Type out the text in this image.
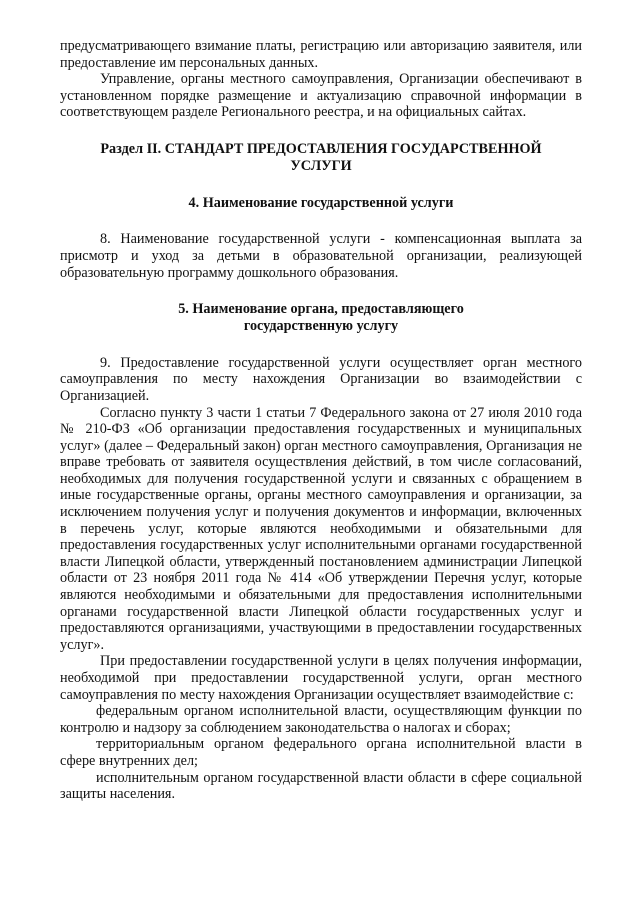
предусматривающего взимание платы, регистрацию или авторизацию заявителя, или предоставление им персональных данных.

Управление, органы местного самоуправления, Организации обеспечивают в установленном порядке размещение и актуализацию справочной информации в соответствующем разделе Регионального реестра, и на официальных сайтах.

Раздел II. СТАНДАРТ ПРЕДОСТАВЛЕНИЯ ГОСУДАРСТВЕННОЙ
УСЛУГИ
4. Наименование государственной услуги

8. Наименование государственной услуги - компенсационная выплата за присмотр и уход за детьми в образовательной организации, реализующей образовательную программу дошкольного образования.

5. Наименование органа, предоставляющего
государственную услугу

9. Предоставление государственной услуги осуществляет орган местного самоуправления по месту нахождения Организации во взаимодействии с Организацией.

Согласно пункту 3 части 1 статьи 7 Федерального закона от 27 июля 2010 года № 210-ФЗ «Об организации предоставления государственных и муниципальных услуг» (далее – Федеральный закон) орган местного самоуправления, Организация не вправе требовать от заявителя осуществления действий, в том числе согласований, необходимых для получения государственной услуги и связанных с обращением в иные государственные органы, органы местного самоуправления и организации, за исключением получения услуг и получения документов и информации, включенных в перечень услуг, которые являются необходимыми и обязательными для предоставления государственных услуг исполнительными органами государственной власти Липецкой области, утвержденный постановлением администрации Липецкой области от 23 ноября 2011 года № 414 «Об утверждении Перечня услуг, которые являются необходимыми и обязательными для предоставления исполнительными органами государственной власти Липецкой области государственных услуг и предоставляются организациями, участвующими в предоставлении государственных услуг».

При предоставлении государственной услуги в целях получения информации, необходимой при предоставлении государственной услуги, орган местного самоуправления по месту нахождения Организации осуществляет взаимодействие с:

федеральным органом исполнительной власти, осуществляющим функции по контролю и надзору за соблюдением законодательства о налогах и сборах;

территориальным органом федерального органа исполнительной власти в сфере внутренних дел;

исполнительным органом государственной власти области в сфере социальной защиты населения.
